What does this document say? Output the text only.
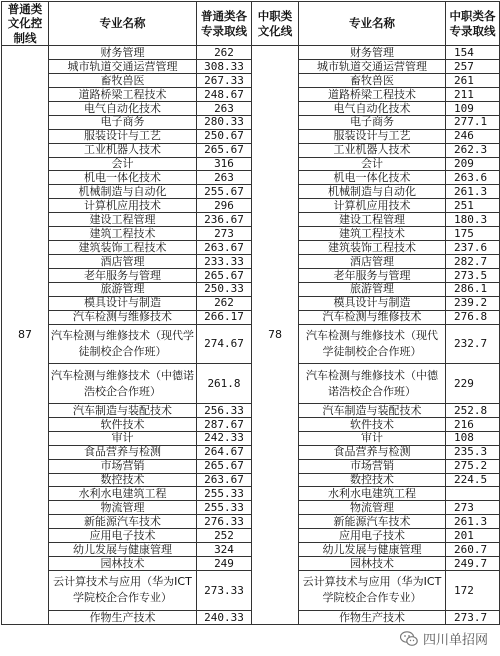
普通类文化控制线	专业名称	普通类各专录取线	中职类文化线	专业名称	中职类各专录取线
87	财务管理	262	78	财务管理	154
	城市轨道交通运营管理	308.33		城市轨道交通运营管理	257
	畜牧兽医	267.33		畜牧兽医	261
	道路桥梁工程技术	248.67		道路桥梁工程技术	211
	电气自动化技术	263		电气自动化技术	109
	电子商务	280.33		电子商务	277.1
	服装设计与工艺	250.67		服装设计与工艺	246
	工业机器人技术	265.67		工业机器人技术	262.3
	会计	316		会计	209
	机电一体化技术	263		机电一体化技术	263.6
	机械制造与自动化	255.67		机械制造与自动化	261.3
	计算机应用技术	296		计算机应用技术	251
	建设工程管理	236.67		建设工程管理	180.3
	建筑工程技术	273		建筑工程技术	175
	建筑装饰工程技术	263.67		建筑装饰工程技术	237.6
	酒店管理	233.33		酒店管理	282.7
	老年服务与管理	265.67		老年服务与管理	273.5
	旅游管理	250.33		旅游管理	286.1
	模具设计与制造	262		模具设计与制造	239.2
	汽车检测与维修技术	266.17		汽车检测与维修技术	276.8
	汽车检测与维修技术（现代学徒制校企合作班）	274.67		汽车检测与维修技术（现代学徒制校企合作班）	232.7
	汽车检测与维修技术（中德诺浩校企合作班）	261.8		汽车检测与维修技术（中德诺浩校企合作班）	229
	汽车制造与装配技术	256.33		汽车制造与装配技术	252.8
	软件技术	287.67		软件技术	216
	审计	242.33		审计	108
	食品营养与检测	264.67		食品营养与检测	235.3
	市场营销	265.67		市场营销	275.2
	数控技术	263.67		数控技术	224.5
	水利水电建筑工程	255.33		水利水电建筑工程	
	物流管理	255.33		物流管理	273
	新能源汽车技术	276.33		新能源汽车技术	261.3
	应用电子技术	252		应用电子技术	201
	幼儿发展与健康管理	324		幼儿发展与健康管理	260.7
	园林技术	249		园林技术	249.7
	云计算技术与应用（华为ICT学院校企合作专业）	273.33		云计算技术与应用（华为ICT学院校企合作专业）	172
	作物生产技术	240.33		作物生产技术	273.7
四川单招网
